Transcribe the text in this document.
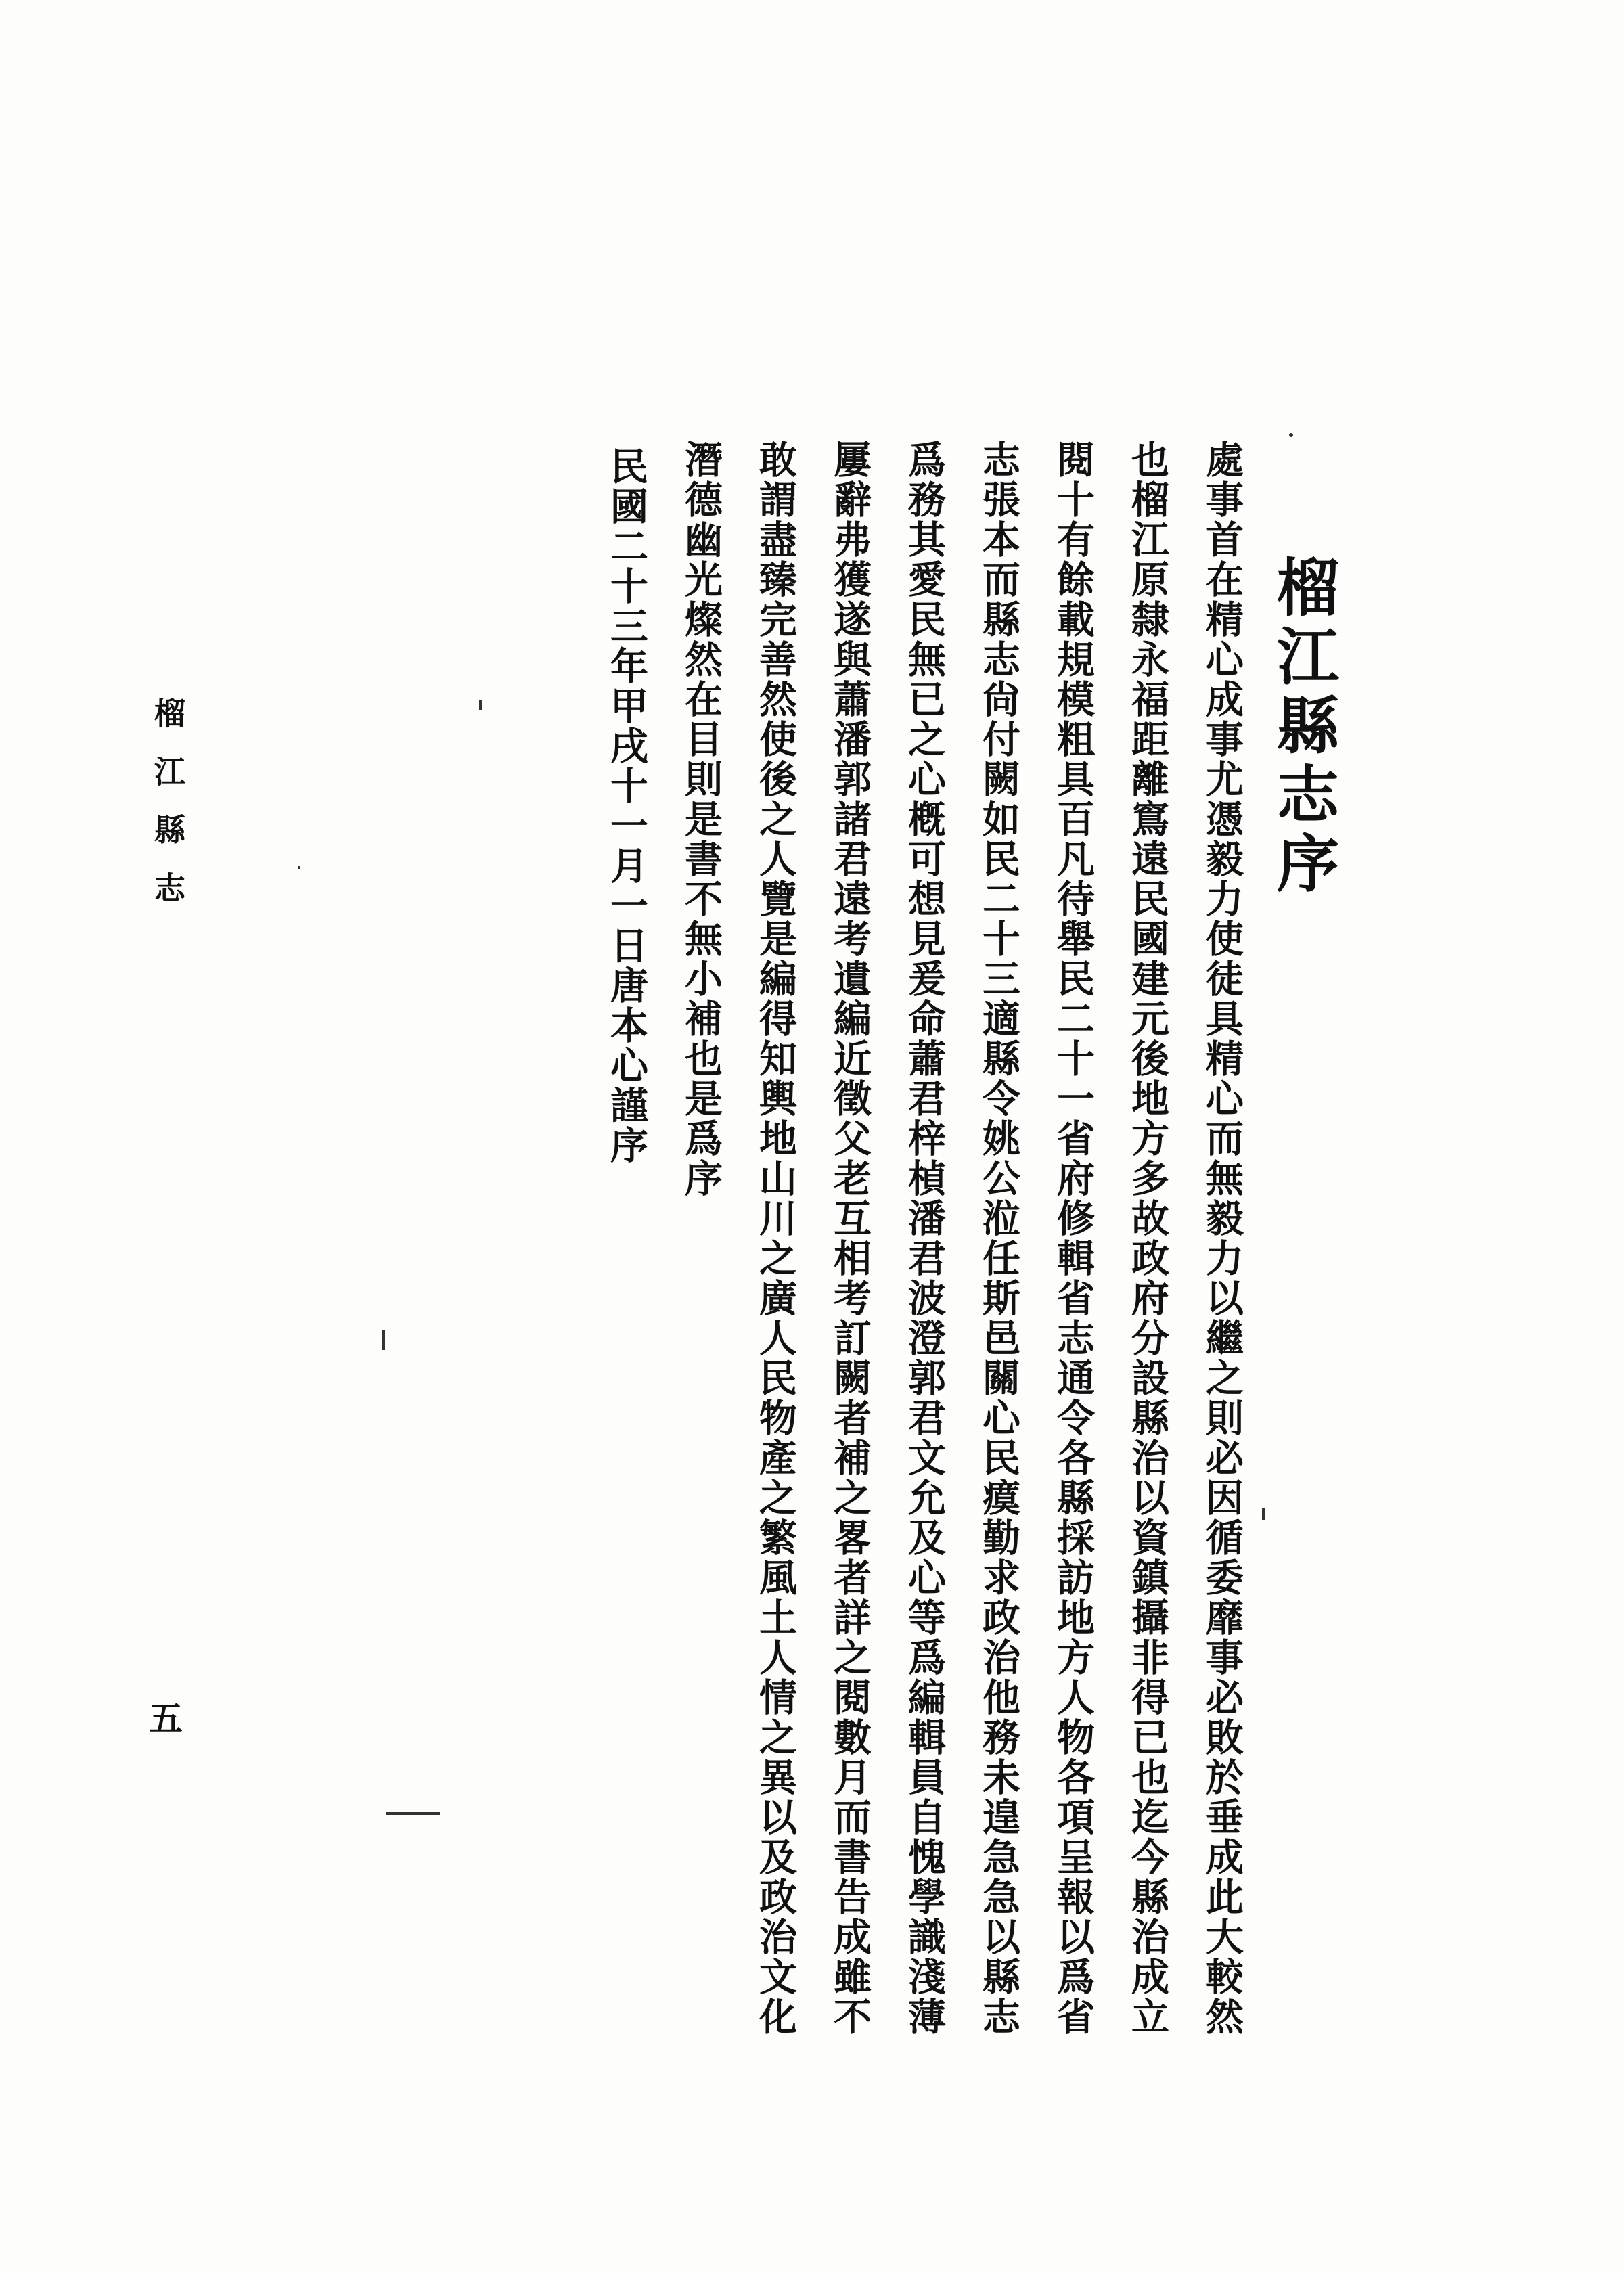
榴江縣志序
處事首在精心成事尤憑毅力使徒具精心而無毅力以繼之則必因循委靡事必敗於垂成此大較然
也榴江原隸永福距離窵遠民國建元後地方多故政府分設縣治以資鎮攝非得已也迄今縣治成立
閱十有餘載規模粗具百凡待舉民二十一省府修輯省志通令各縣採訪地方人物各項呈報以爲省
志張本而縣志尙付闕如民二十三適縣令姚公涖任斯邑關心民瘼勤求政治他務未遑急急以縣志
爲務其愛民無已之心槪可想見爰命蕭君梓楨潘君波澄郭君文允及心等爲編輯員自愧學識淺薄
屢辭弗獲遂與蕭潘郭諸君遠考遺編近徵父老互相考訂闕者補之畧者詳之閱數月而書告成雖不
敢謂盡臻完善然使後之人覽是編得知輿地山川之廣人民物產之繁風土人情之異以及政治文化
潛德幽光燦然在目則是書不無小補也是爲序
民國二十三年甲戌十一月一日唐本心謹序
榴江縣志
五
